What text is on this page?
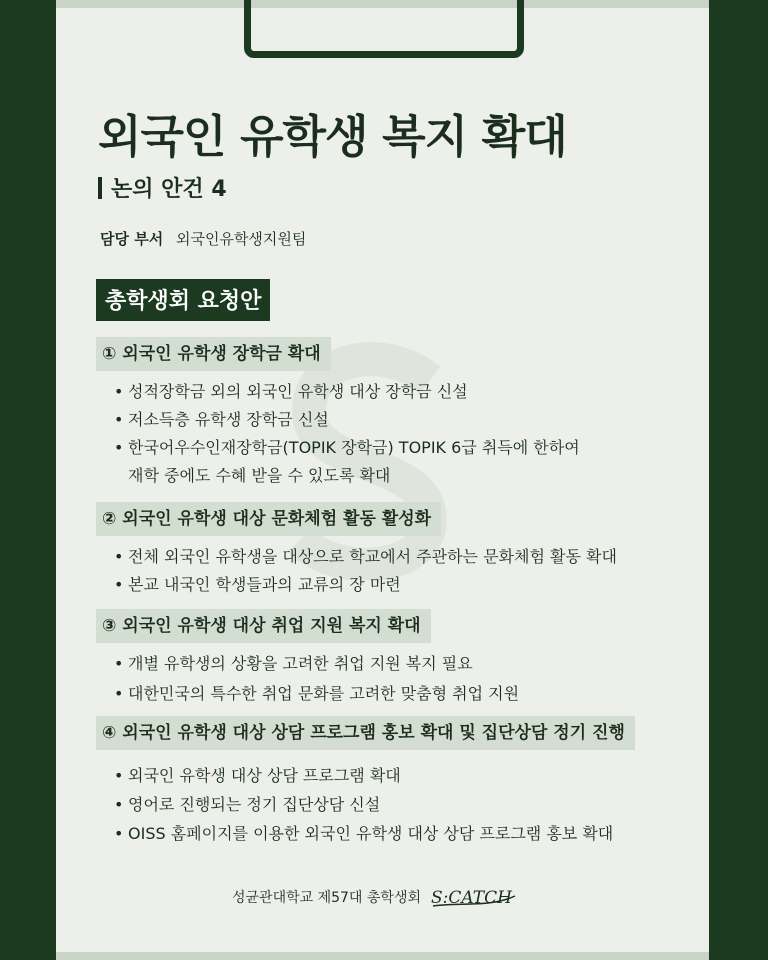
외국인 유학생 복지 확대
논의 안건 4
담당 부서 외국인유학생지원팀
총학생회 요청안
① 외국인 유학생 장학금 확대
• 성적장학금 외의 외국인 유학생 대상 장학금 신설
• 저소득층 유학생 장학금 신설
• 한국어우수인재장학금(TOPIK 장학금) TOPIK 6급 취득에 한하여
재학 중에도 수혜 받을 수 있도록 확대
② 외국인 유학생 대상 문화체험 활동 활성화
• 전체 외국인 유학생을 대상으로 학교에서 주관하는 문화체험 활동 확대
• 본교 내국인 학생들과의 교류의 장 마련
③ 외국인 유학생 대상 취업 지원 복지 확대
• 개별 유학생의 상황을 고려한 취업 지원 복지 필요
• 대한민국의 특수한 취업 문화를 고려한 맞춤형 취업 지원
④ 외국인 유학생 대상 상담 프로그램 홍보 확대 및 집단상담 정기 진행
• 외국인 유학생 대상 상담 프로그램 확대
• 영어로 진행되는 정기 집단상담 신설
• OISS 홈페이지를 이용한 외국인 유학생 대상 상담 프로그램 홍보 확대
성균관대학교 제57대 총학생회 S:CATCH
